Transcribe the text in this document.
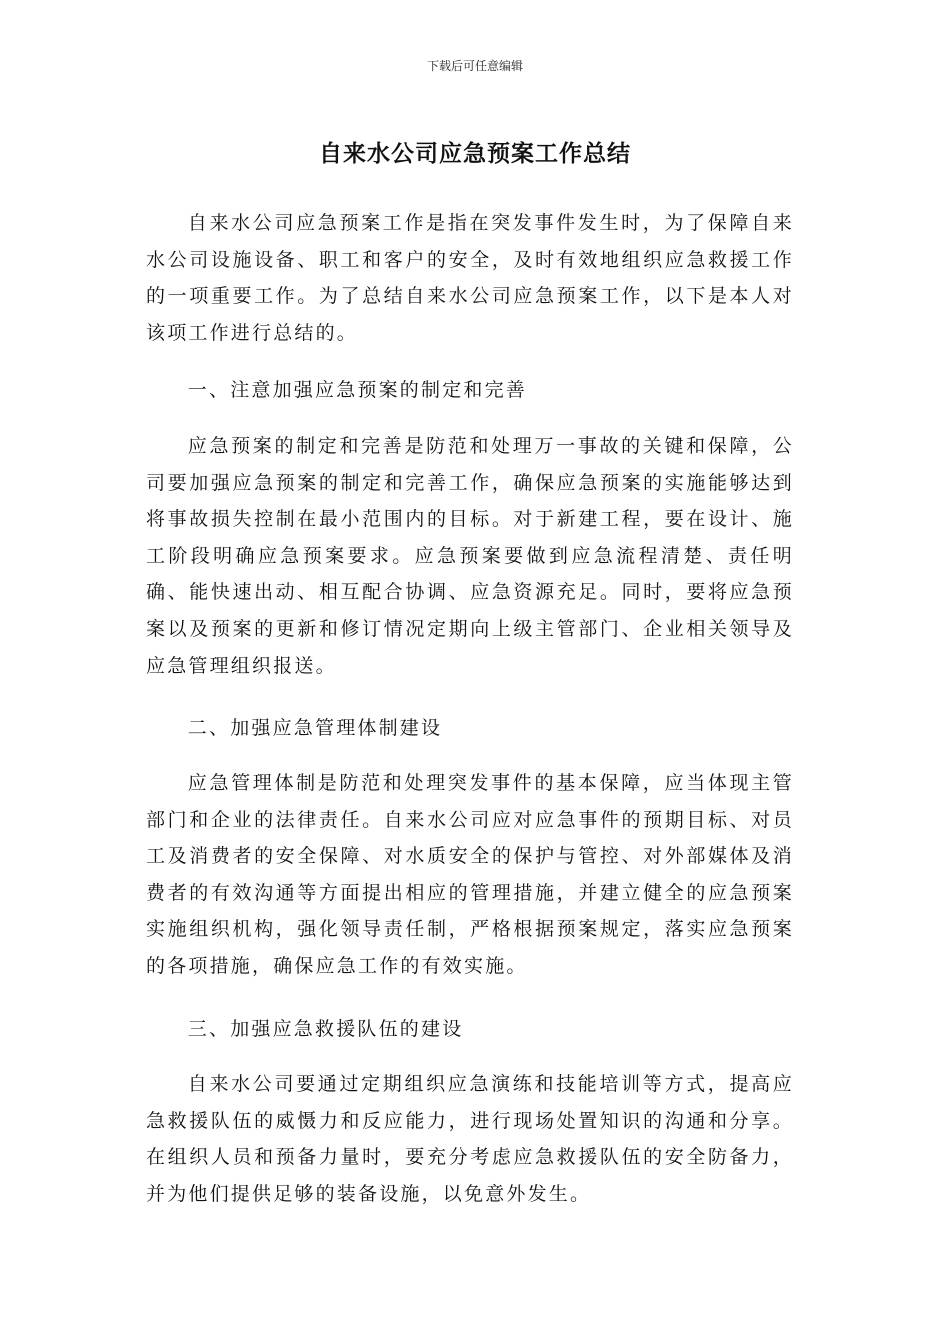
下载后可任意编辑
自来水公司应急预案工作总结

自来水公司应急预案工作是指在突发事件发生时，为了保障自来水公司设施设备、职工和客户的安全，及时有效地组织应急救援工作的一项重要工作。为了总结自来水公司应急预案工作，以下是本人对该项工作进行总结的。

一、注意加强应急预案的制定和完善

应急预案的制定和完善是防范和处理万一事故的关键和保障，公司要加强应急预案的制定和完善工作，确保应急预案的实施能够达到将事故损失控制在最小范围内的目标。对于新建工程，要在设计、施工阶段明确应急预案要求。应急预案要做到应急流程清楚、责任明确、能快速出动、相互配合协调、应急资源充足。同时，要将应急预案以及预案的更新和修订情况定期向上级主管部门、企业相关领导及应急管理组织报送。

二、加强应急管理体制建设

应急管理体制是防范和处理突发事件的基本保障，应当体现主管部门和企业的法律责任。自来水公司应对应急事件的预期目标、对员工及消费者的安全保障、对水质安全的保护与管控、对外部媒体及消费者的有效沟通等方面提出相应的管理措施，并建立健全的应急预案实施组织机构，强化领导责任制，严格根据预案规定，落实应急预案的各项措施，确保应急工作的有效实施。

三、加强应急救援队伍的建设

自来水公司要通过定期组织应急演练和技能培训等方式，提高应急救援队伍的威慑力和反应能力，进行现场处置知识的沟通和分享。在组织人员和预备力量时，要充分考虑应急救援队伍的安全防备力，并为他们提供足够的装备设施，以免意外发生。
